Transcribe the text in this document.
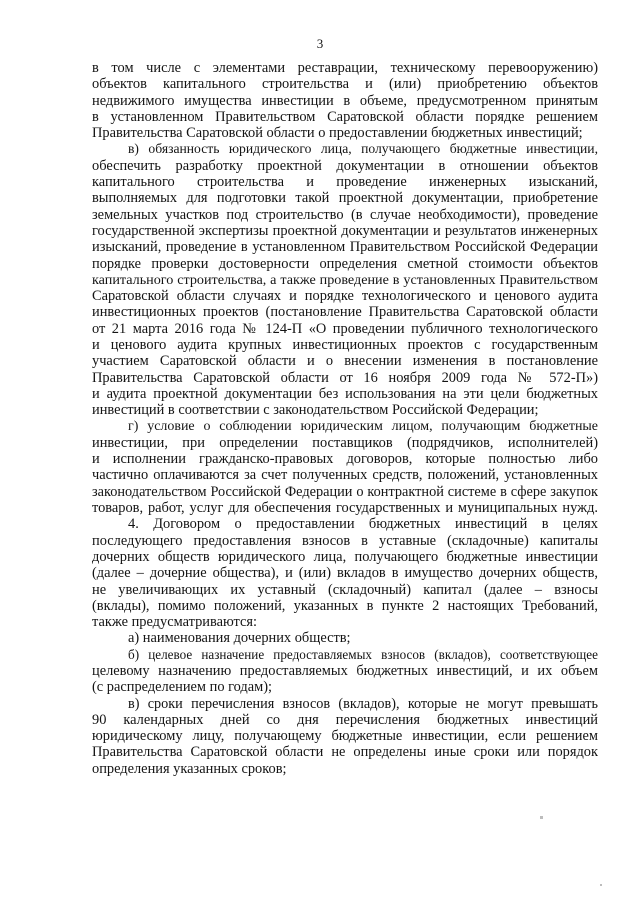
3
в том числе с элементами реставрации, техническому перевооружению)
объектов капитального строительства и (или) приобретению объектов
недвижимого имущества инвестиции в объеме, предусмотренном принятым
в установленном Правительством Саратовской области порядке решением
Правительства Саратовской области о предоставлении бюджетных инвестиций;
в) обязанность юридического лица, получающего бюджетные инвестиции,
обеспечить разработку проектной документации в отношении объектов
капитального строительства и проведение инженерных изысканий,
выполняемых для подготовки такой проектной документации, приобретение
земельных участков под строительство (в случае необходимости), проведение
государственной экспертизы проектной документации и результатов инженерных
изысканий, проведение в установленном Правительством Российской Федерации
порядке проверки достоверности определения сметной стоимости объектов
капитального строительства, а также проведение в установленных Правительством
Саратовской области случаях и порядке технологического и ценового аудита
инвестиционных проектов (постановление Правительства Саратовской области
от 21 марта 2016 года № 124-П «О проведении публичного технологического
и ценового аудита крупных инвестиционных проектов с государственным
участием Саратовской области и о внесении изменения в постановление
Правительства Саратовской области от 16 ноября 2009 года № 572-П»)
и аудита проектной документации без использования на эти цели бюджетных
инвестиций в соответствии с законодательством Российской Федерации;
г) условие о соблюдении юридическим лицом, получающим бюджетные
инвестиции, при определении поставщиков (подрядчиков, исполнителей)
и исполнении гражданско-правовых договоров, которые полностью либо
частично оплачиваются за счет полученных средств, положений, установленных
законодательством Российской Федерации о контрактной системе в сфере закупок
товаров, работ, услуг для обеспечения государственных и муниципальных нужд.
4. Договором о предоставлении бюджетных инвестиций в целях
последующего предоставления взносов в уставные (складочные) капиталы
дочерних обществ юридического лица, получающего бюджетные инвестиции
(далее – дочерние общества), и (или) вкладов в имущество дочерних обществ,
не увеличивающих их уставный (складочный) капитал (далее – взносы
(вклады), помимо положений, указанных в пункте 2 настоящих Требований,
также предусматриваются:
а) наименования дочерних обществ;
б) целевое назначение предоставляемых взносов (вкладов), соответствующее
целевому назначению предоставляемых бюджетных инвестиций, и их объем
(с распределением по годам);
в) сроки перечисления взносов (вкладов), которые не могут превышать
90 календарных дней со дня перечисления бюджетных инвестиций
юридическому лицу, получающему бюджетные инвестиции, если решением
Правительства Саратовской области не определены иные сроки или порядок
определения указанных сроков;
